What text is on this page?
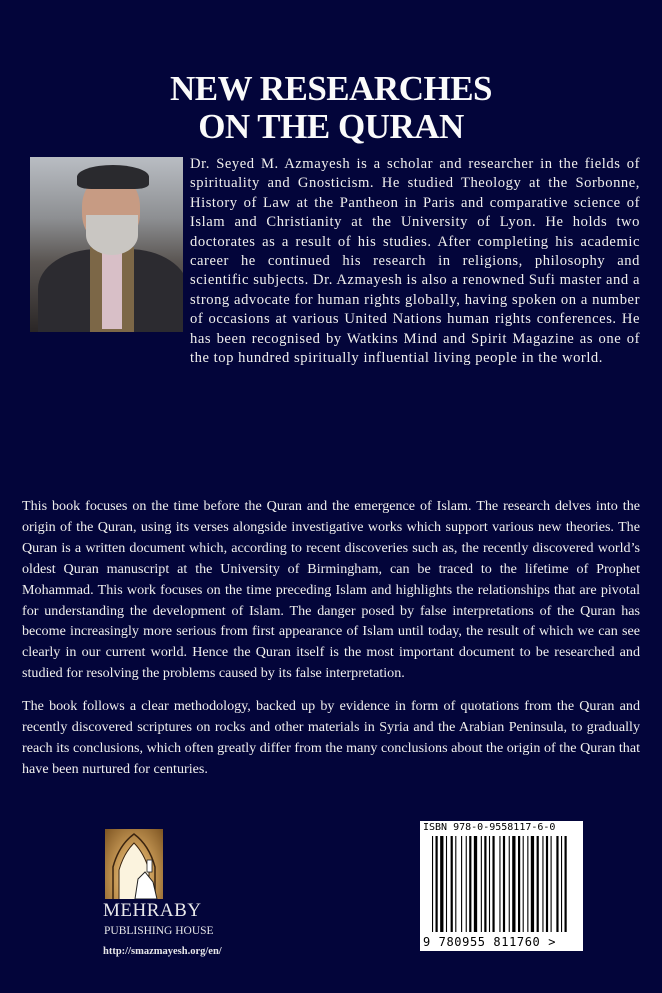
NEW RESEARCHES
ON THE QURAN

Dr. Seyed M. Azmayesh is a scholar and researcher in the fields of spirituality and Gnosticism. He studied Theology at the Sorbonne, History of Law at the Pantheon in Paris and comparative science of Islam and Christianity at the University of Lyon. He holds two doctorates as a result of his studies. After completing his academic career he continued his research in religions, philosophy and scientific subjects. Dr. Azmayesh is also a renowned Sufi master and a strong advocate for human rights globally, having spoken on a number of occasions at various United Nations human rights conferences. He has been recognised by Watkins Mind and Spirit Magazine as one of the top hundred spiritually influential living people in the world.

This book focuses on the time before the Quran and the emergence of Islam. The research delves into the origin of the Quran, using its verses alongside investigative works which support various new theories. The Quran is a written document which, according to recent discoveries such as, the recently discovered world’s oldest Quran manuscript at the University of Birmingham, can be traced to the lifetime of Prophet Mohammad. This work focuses on the time preceding Islam and highlights the relationships that are pivotal for understanding the development of Islam. The danger posed by false interpretations of the Quran has become increasingly more serious from first appearance of Islam until today, the result of which we can see clearly in our current world. Hence the Quran itself is the most important document to be researched and studied for resolving the problems caused by its false interpretation.

The book follows a clear methodology, backed up by evidence in form of quotations from the Quran and recently discovered scriptures on rocks and other materials in Syria and the Arabian Peninsula, to gradually reach its conclusions, which often greatly differ from the many conclusions about the origin of the Quran that have been nurtured for centuries.

MEHRABY
PUBLISHING HOUSE
http://smazmayesh.org/en/
ISBN 978-0-9558117-6-0
9 780955 811760 >
